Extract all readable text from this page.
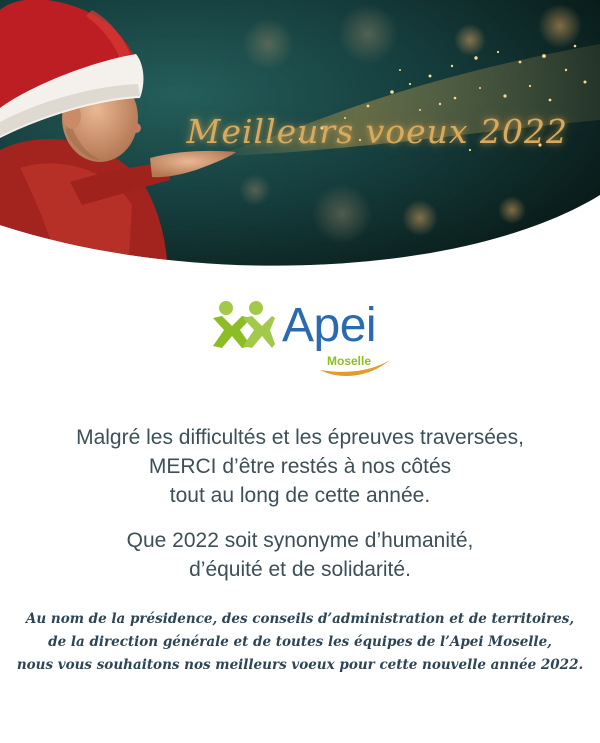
Meilleurs voeux 2022
Apei
Moselle
Malgré les difficultés et les épreuves traversées,
MERCI d’être restés à nos côtés
tout au long de cette année.
Que 2022 soit synonyme d’humanité,
d’équité et de solidarité.
Au nom de la présidence, des conseils d’administration et de territoires,
de la direction générale et de toutes les équipes de l’Apei Moselle,
nous vous souhaitons nos meilleurs voeux pour cette nouvelle année 2022.
